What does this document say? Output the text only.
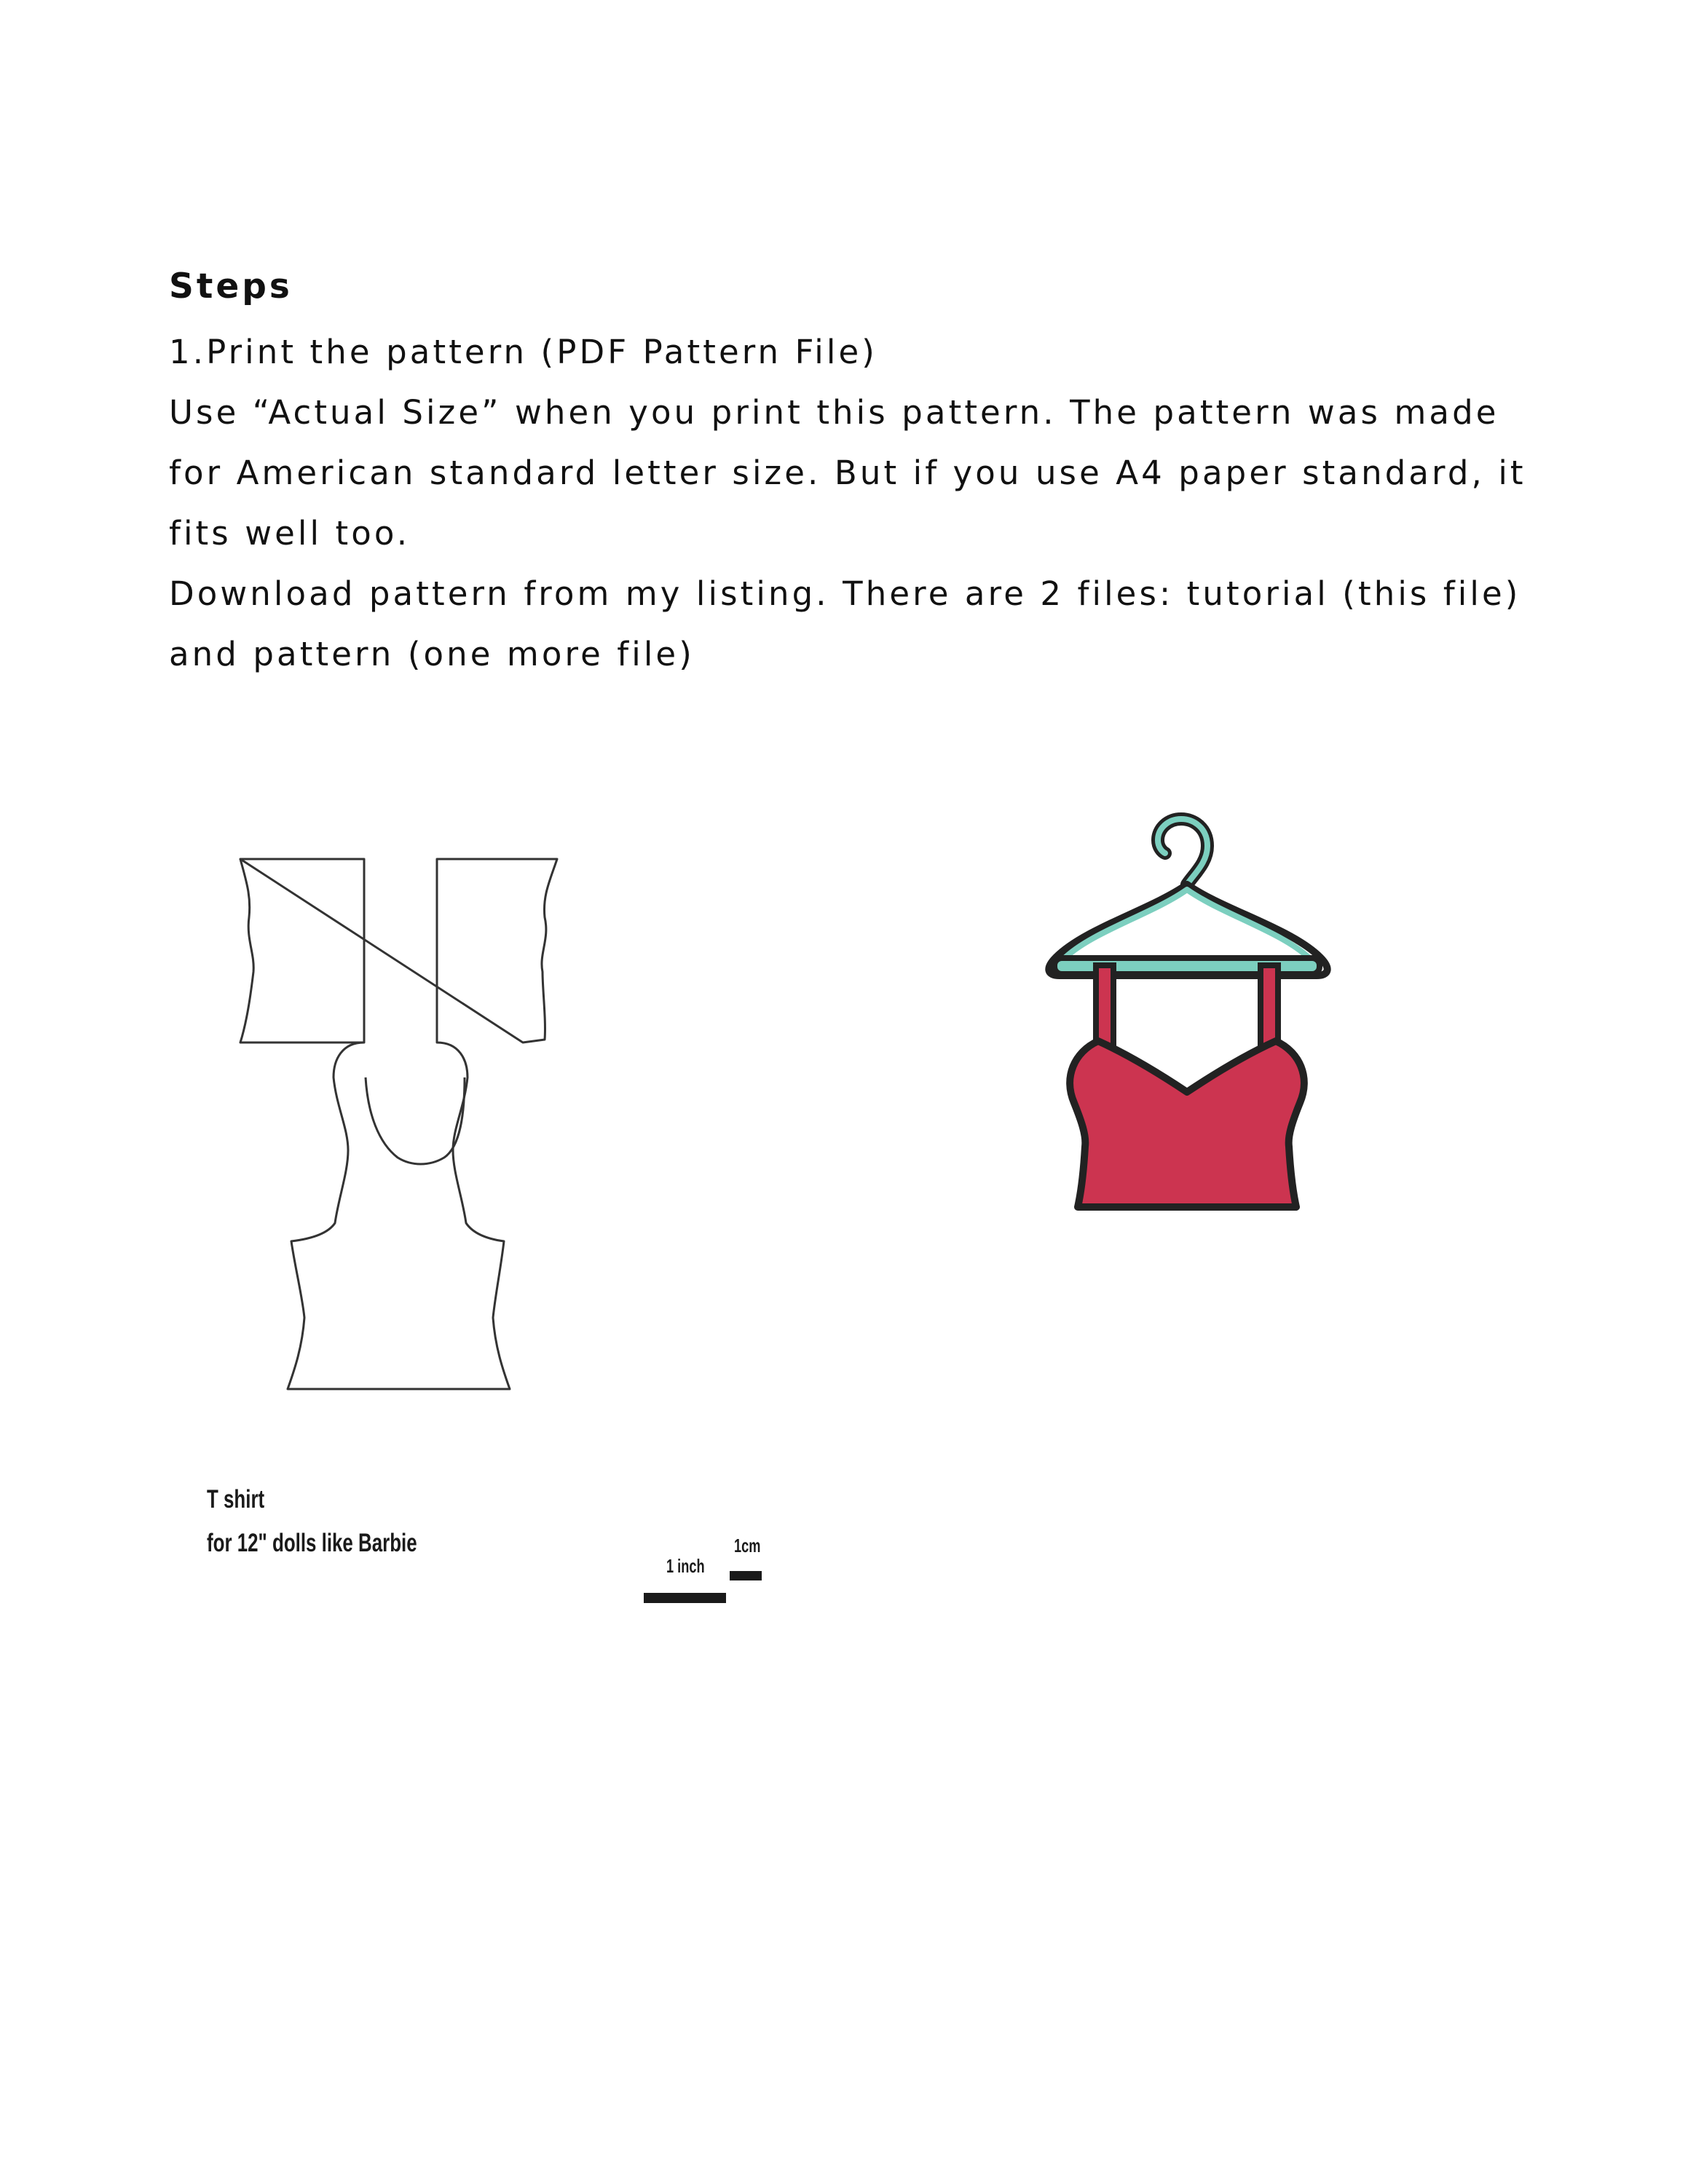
Steps

1.Print the pattern (PDF Pattern File)

Use “Actual Size” when you print this pattern. The pattern was made for American standard letter size. But if you use A4 paper standard, it fits well too.

Download pattern from my listing. There are 2 files: tutorial (this file) and pattern (one more file)

T shirt
for 12" dolls like Barbie
1 inch
1cm
